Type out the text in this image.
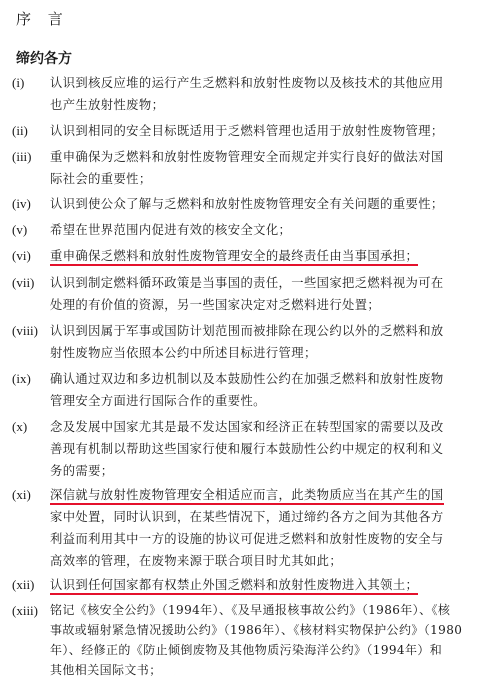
序 言
缔约各方
(i) 认识到核反应堆的运行产生乏燃料和放射性废物以及核技术的其他应用
也产生放射性废物；
(ii) 认识到相同的安全目标既适用于乏燃料管理也适用于放射性废物管理；
(iii) 重申确保为乏燃料和放射性废物管理安全而规定并实行良好的做法对国
际社会的重要性；
(iv) 认识到使公众了解与乏燃料和放射性废物管理安全有关问题的重要性；
(v) 希望在世界范围内促进有效的核安全文化；
(vi) 重申确保乏燃料和放射性废物管理安全的最终责任由当事国承担；
(vii) 认识到制定燃料循环政策是当事国的责任，一些国家把乏燃料视为可在
处理的有价值的资源，另一些国家决定对乏燃料进行处置；
(viii) 认识到因属于军事或国防计划范围而被排除在现公约以外的乏燃料和放
射性废物应当依照本公约中所述目标进行管理；
(ix) 确认通过双边和多边机制以及本鼓励性公约在加强乏燃料和放射性废物
管理安全方面进行国际合作的重要性。
(x) 念及发展中国家尤其是最不发达国家和经济正在转型国家的需要以及改
善现有机制以帮助这些国家行使和履行本鼓励性公约中规定的权利和义
务的需要；
(xi) 深信就与放射性废物管理安全相适应而言，此类物质应当在其产生的国
家中处置，同时认识到，在某些情况下，通过缔约各方之间为其他各方
利益而利用其中一方的设施的协议可促进乏燃料和放射性废物的安全与
高效率的管理，在废物来源于联合项目时尤其如此；
(xii) 认识到任何国家都有权禁止外国乏燃料和放射性废物进入其领土；
(xiii) 铭记《核安全公约》（1994年）、《及早通报核事故公约》（1986年）、《核
事故或辐射紧急情况援助公约》（1986年）、《核材料实物保护公约》（1980
年）、经修正的《防止倾倒废物及其他物质污染海洋公约》（1994年）和
其他相关国际文书；
